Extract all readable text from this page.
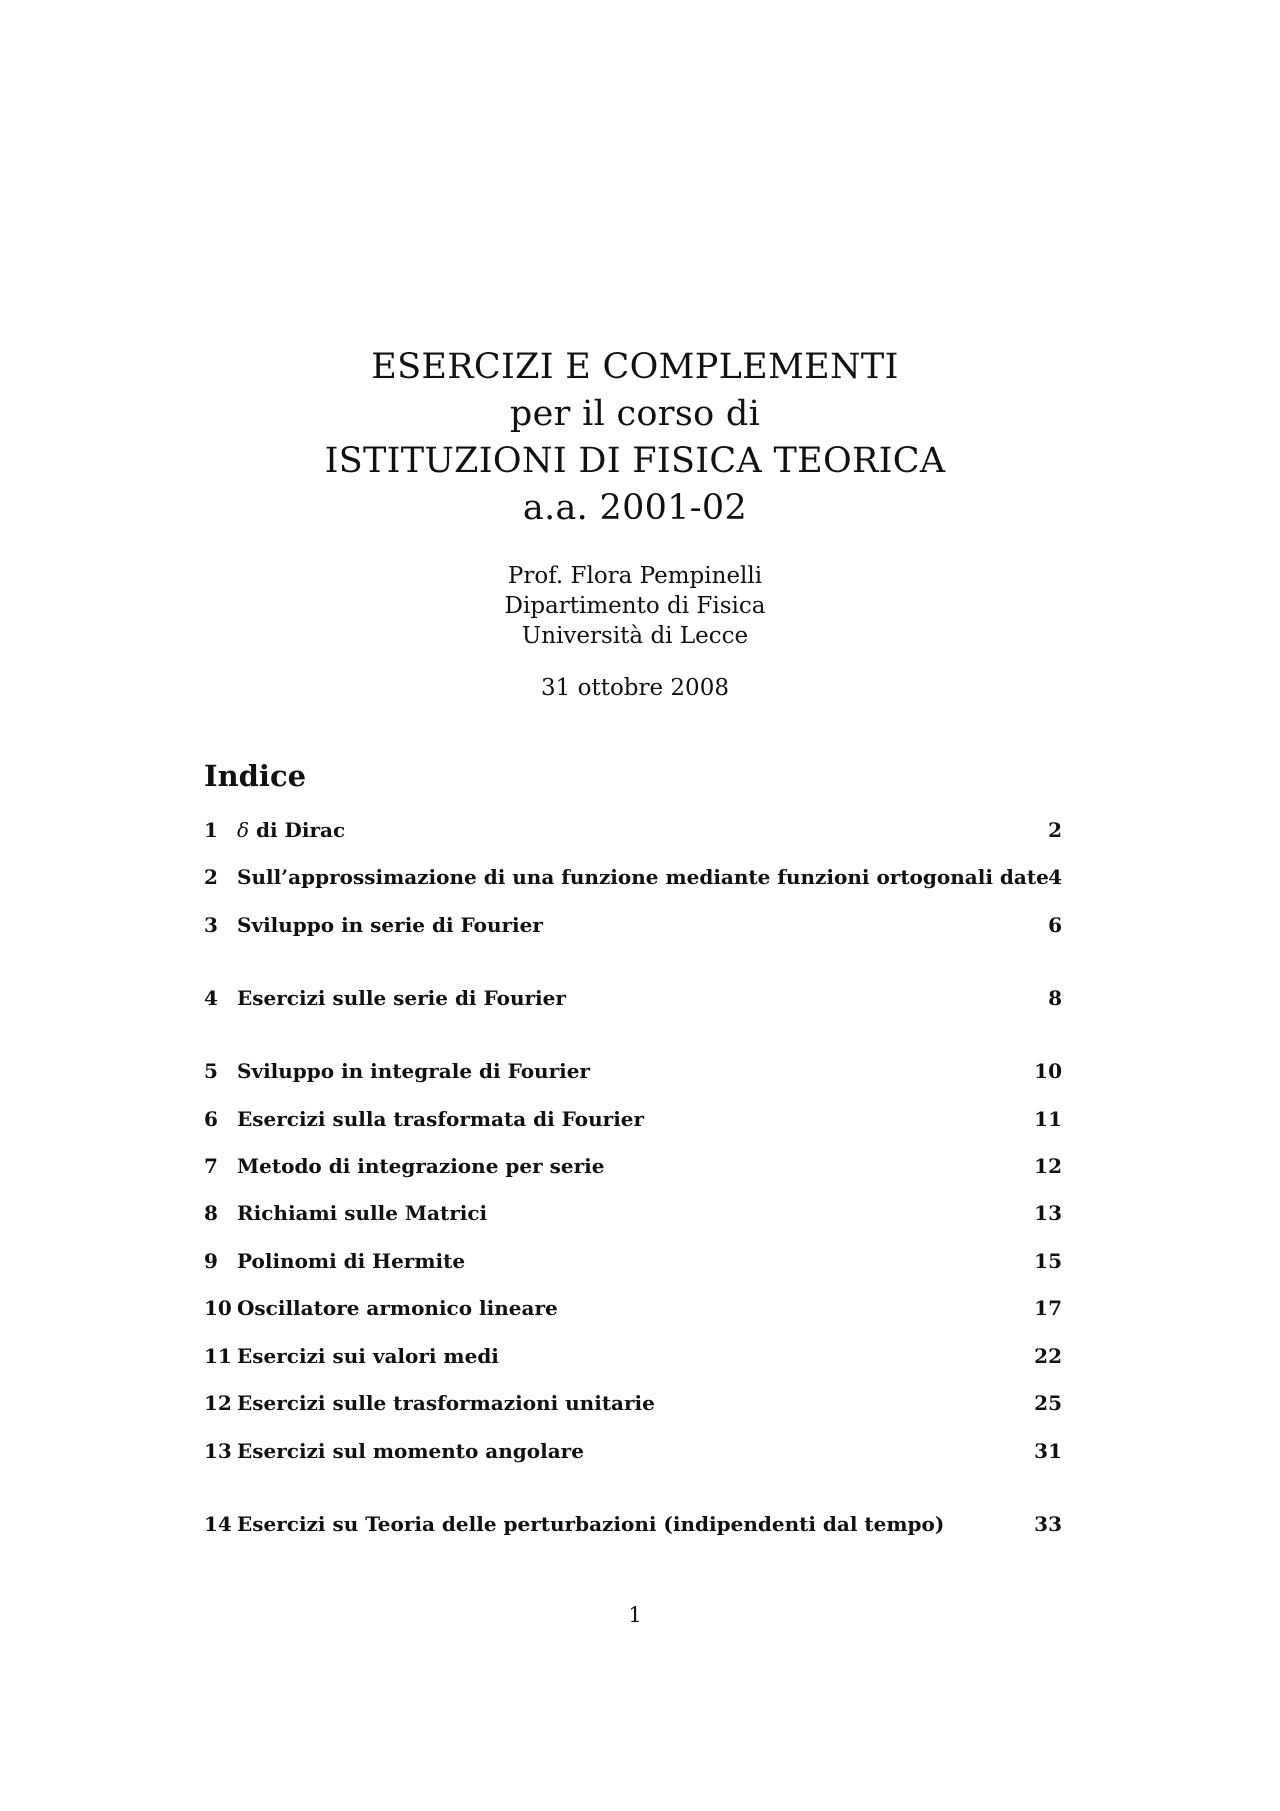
ESERCIZI E COMPLEMENTI
per il corso di
ISTITUZIONI DI FISICA TEORICA
a.a. 2001-02
Prof. Flora Pempinelli
Dipartimento di Fisica
Università di Lecce
31 ottobre 2008
Indice
1 δ di Dirac	2
2 Sull’approssimazione di una funzione mediante funzioni ortogonali date 4
3 Sviluppo in serie di Fourier	6
4 Esercizi sulle serie di Fourier	8
5 Sviluppo in integrale di Fourier	10
6 Esercizi sulla trasformata di Fourier	11
7 Metodo di integrazione per serie	12
8 Richiami sulle Matrici	13
9 Polinomi di Hermite	15
10 Oscillatore armonico lineare	17
11 Esercizi sui valori medi	22
12 Esercizi sulle trasformazioni unitarie	25
13 Esercizi sul momento angolare	31
14 Esercizi su Teoria delle perturbazioni (indipendenti dal tempo)	33
1
